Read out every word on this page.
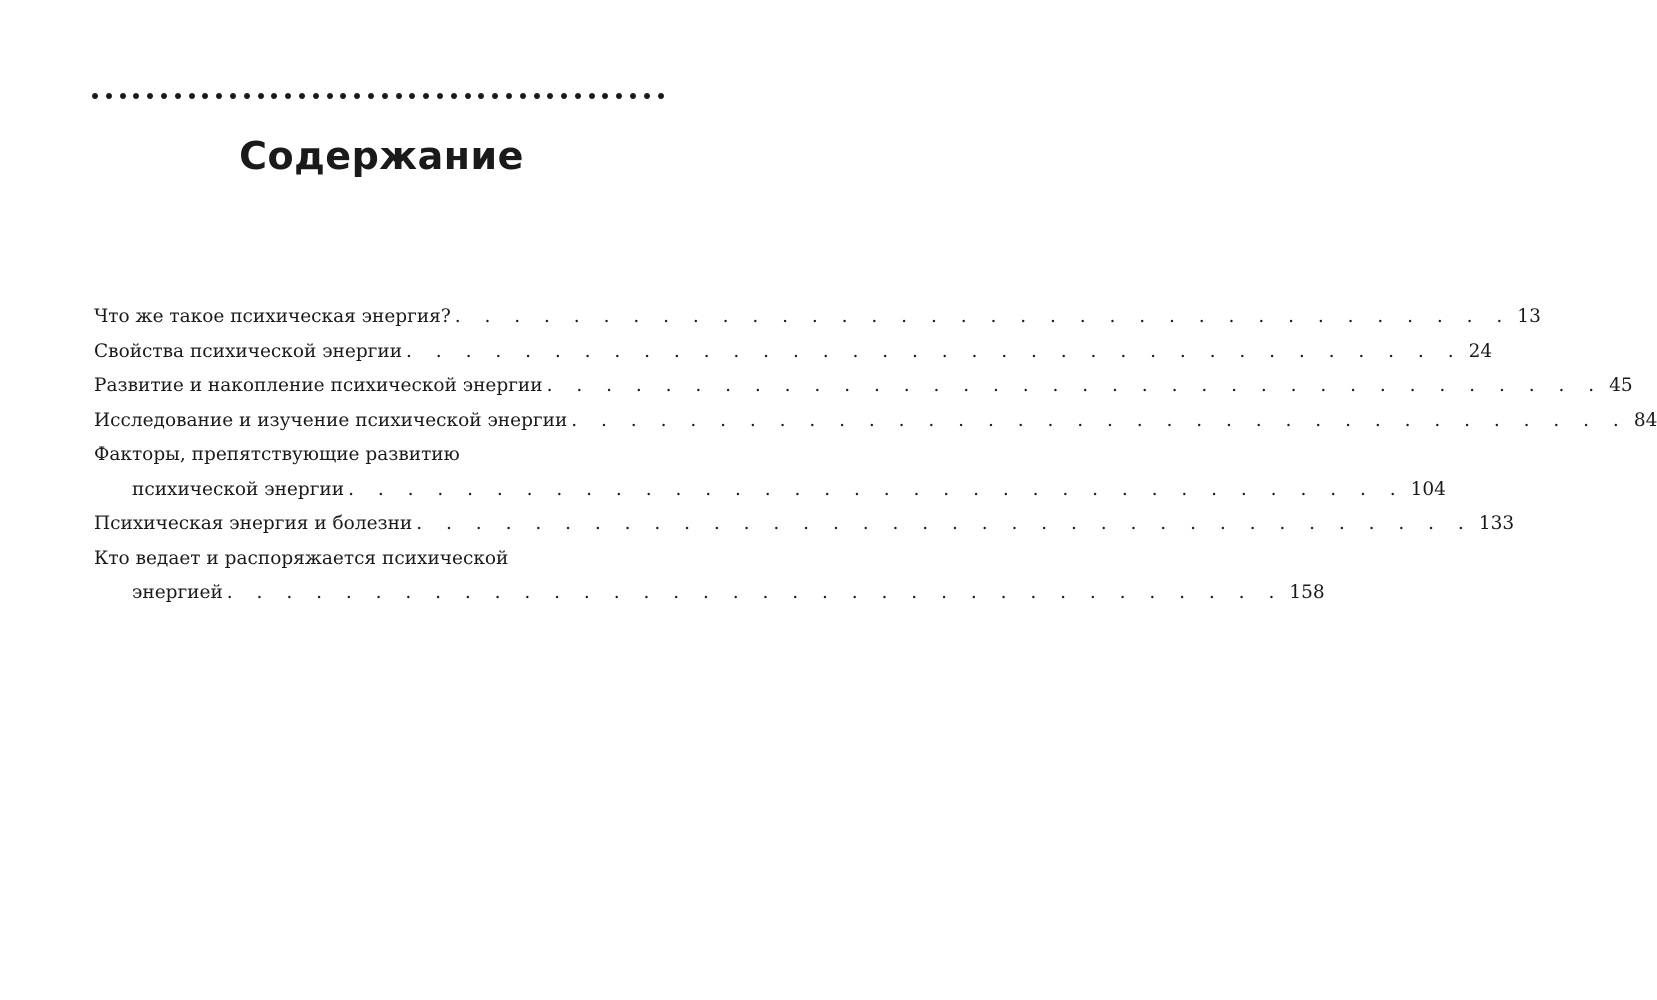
Содержание
Что же такое психическая энергия? . . . . . . . . . . . . . . . . . . . . . . . . . . . . . . . . . . . . 13
Свойства психической энергии . . . . . . . . . . . . . . . . . . . . . . . . . . . . . . . . . . . . 24
Развитие и накопление психической энергии . . . . . . . . . . . . . . . . . . . . . . . . . . . . . . . . . . . . 45
Исследование и изучение психической энергии . . . . . . . . . . . . . . . . . . . . . . . . . . . . . . . . . . . . 84
Факторы, препятствующие развитию
психической энергии . . . . . . . . . . . . . . . . . . . . . . . . . . . . . . . . . . . . 104
Психическая энергия и болезни . . . . . . . . . . . . . . . . . . . . . . . . . . . . . . . . . . . . 133
Кто ведает и распоряжается психической
энергией . . . . . . . . . . . . . . . . . . . . . . . . . . . . . . . . . . . . 158
